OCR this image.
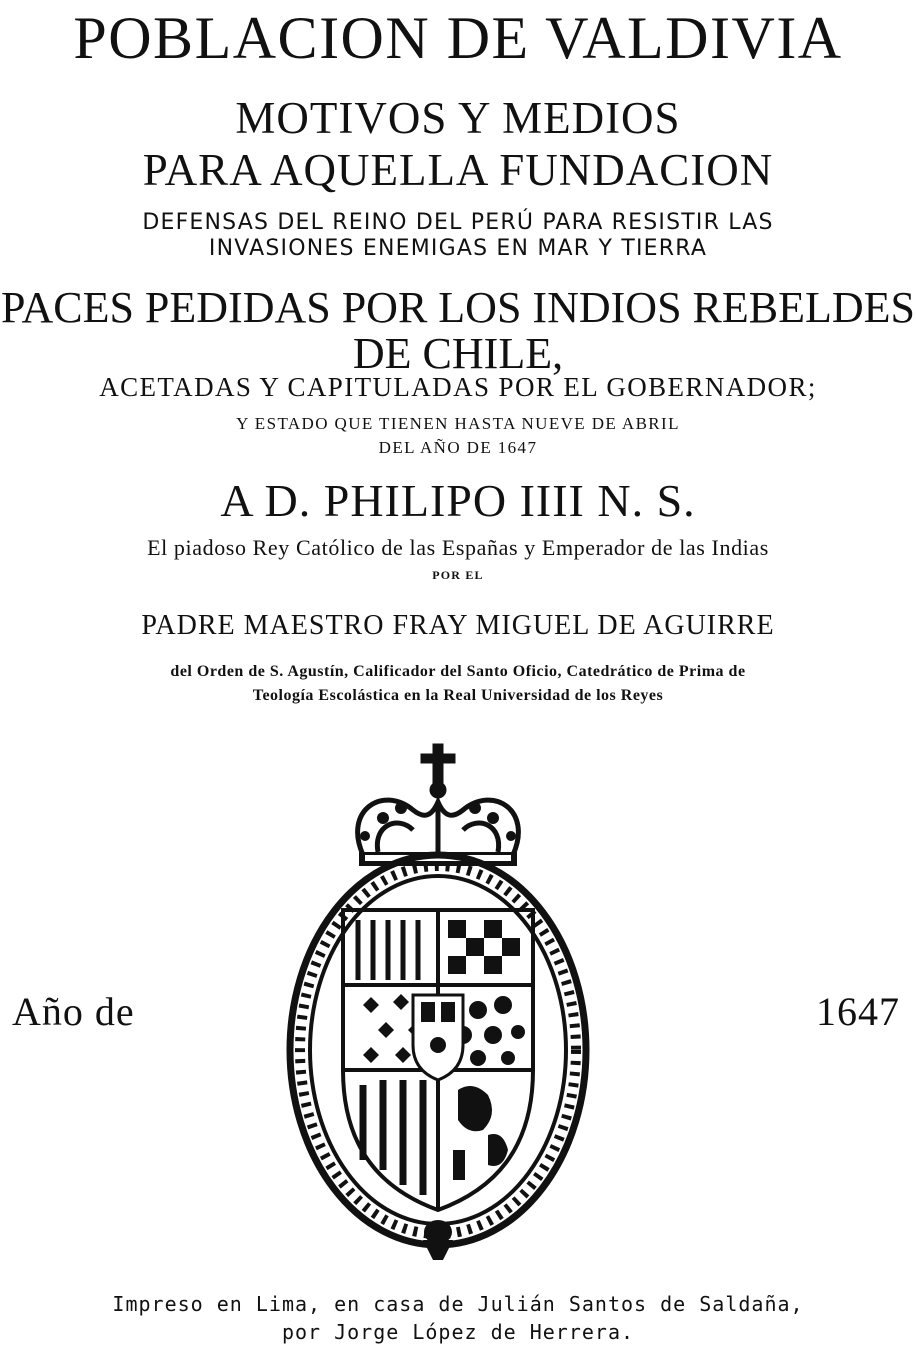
POBLACION DE VALDIVIA
MOTIVOS Y MEDIOS
PARA AQUELLA FUNDACION
DEFENSAS DEL REINO DEL PERÚ PARA RESISTIR LAS
INVASIONES ENEMIGAS EN MAR Y TIERRA
PACES PEDIDAS POR LOS INDIOS REBELDES
DE CHILE,
ACETADAS Y CAPITULADAS POR EL GOBERNADOR;
Y ESTADO QUE TIENEN HASTA NUEVE DE ABRIL
DEL AÑO DE 1647
A D. PHILIPO IIII N. S.
El piadoso Rey Católico de las Españas y Emperador de las Indias
POR EL
PADRE MAESTRO FRAY MIGUEL DE AGUIRRE
del Orden de S. Agustín, Calificador del Santo Oficio, Catedrático de Prima de
Teología Escolástica en la Real Universidad de los Reyes
Año de	1647
Impreso en Lima, en casa de Julián Santos de Saldaña,
por Jorge López de Herrera.
